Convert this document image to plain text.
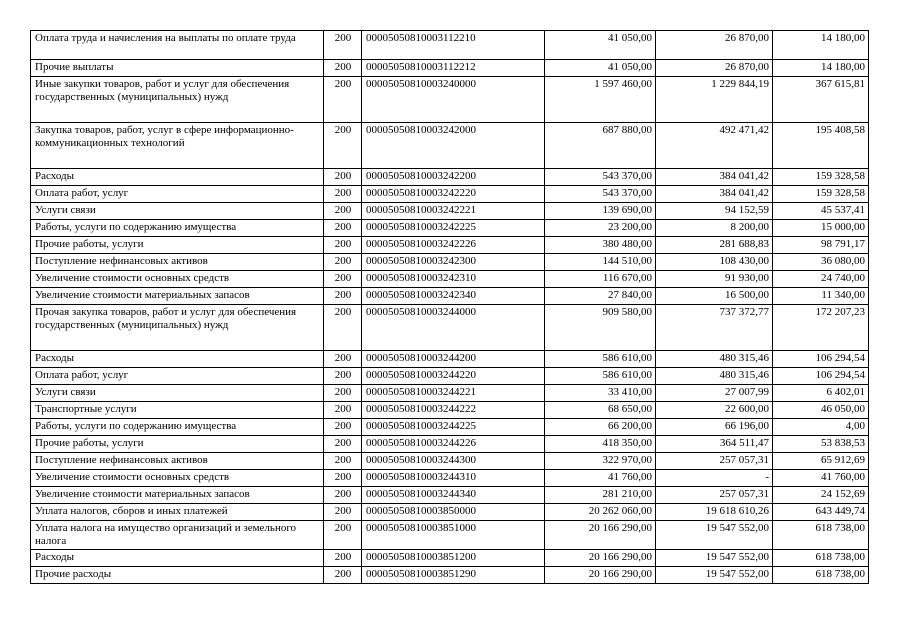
Оплата труда и начисления на выплаты по оплате труда	200	00005050810003112210	41 050,00	26 870,00	14 180,00
Прочие выплаты	200	00005050810003112212	41 050,00	26 870,00	14 180,00
Иные закупки товаров, работ и услуг для обеспечения государственных (муниципальных) нужд	200	00005050810003240000	1 597 460,00	1 229 844,19	367 615,81
Закупка товаров, работ, услуг в сфере информационно-коммуникационных технологий	200	00005050810003242000	687 880,00	492 471,42	195 408,58
Расходы	200	00005050810003242200	543 370,00	384 041,42	159 328,58
Оплата работ, услуг	200	00005050810003242220	543 370,00	384 041,42	159 328,58
Услуги связи	200	00005050810003242221	139 690,00	94 152,59	45 537,41
Работы, услуги по содержанию имущества	200	00005050810003242225	23 200,00	8 200,00	15 000,00
Прочие работы, услуги	200	00005050810003242226	380 480,00	281 688,83	98 791,17
Поступление нефинансовых активов	200	00005050810003242300	144 510,00	108 430,00	36 080,00
Увеличение стоимости основных средств	200	00005050810003242310	116 670,00	91 930,00	24 740,00
Увеличение стоимости материальных запасов	200	00005050810003242340	27 840,00	16 500,00	11 340,00
Прочая закупка товаров, работ и услуг для обеспечения государственных (муниципальных) нужд	200	00005050810003244000	909 580,00	737 372,77	172 207,23
Расходы	200	00005050810003244200	586 610,00	480 315,46	106 294,54
Оплата работ, услуг	200	00005050810003244220	586 610,00	480 315,46	106 294,54
Услуги связи	200	00005050810003244221	33 410,00	27 007,99	6 402,01
Транспортные услуги	200	00005050810003244222	68 650,00	22 600,00	46 050,00
Работы, услуги по содержанию имущества	200	00005050810003244225	66 200,00	66 196,00	4,00
Прочие работы, услуги	200	00005050810003244226	418 350,00	364 511,47	53 838,53
Поступление нефинансовых активов	200	00005050810003244300	322 970,00	257 057,31	65 912,69
Увеличение стоимости основных средств	200	00005050810003244310	41 760,00	-	41 760,00
Увеличение стоимости материальных запасов	200	00005050810003244340	281 210,00	257 057,31	24 152,69
Уплата налогов, сборов и иных платежей	200	00005050810003850000	20 262 060,00	19 618 610,26	643 449,74
Уплата налога на имущество организаций и земельного налога	200	00005050810003851000	20 166 290,00	19 547 552,00	618 738,00
Расходы	200	00005050810003851200	20 166 290,00	19 547 552,00	618 738,00
Прочие расходы	200	00005050810003851290	20 166 290,00	19 547 552,00	618 738,00
